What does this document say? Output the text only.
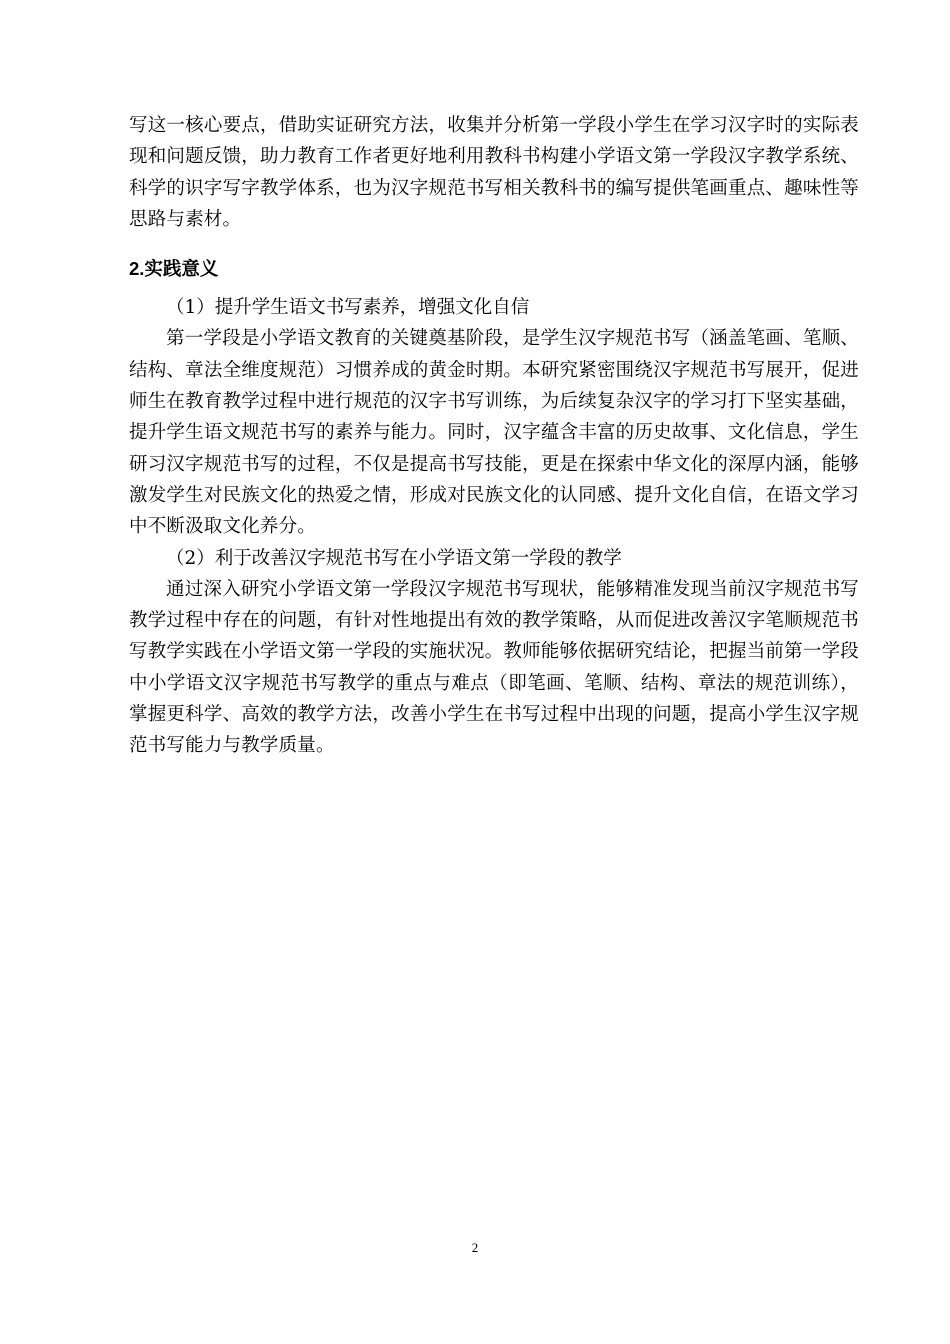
写这一核心要点，借助实证研究方法，收集并分析第一学段小学生在学习汉字时的实际表现和问题反馈，助力教育工作者更好地利用教科书构建小学语文第一学段汉字教学系统、科学的识字写字教学体系，也为汉字规范书写相关教科书的编写提供笔画重点、趣味性等思路与素材。

2.实践意义

（1）提升学生语文书写素养，增强文化自信

第一学段是小学语文教育的关键奠基阶段，是学生汉字规范书写（涵盖笔画、笔顺、结构、章法全维度规范）习惯养成的黄金时期。本研究紧密围绕汉字规范书写展开，促进师生在教育教学过程中进行规范的汉字书写训练，为后续复杂汉字的学习打下坚实基础，提升学生语文规范书写的素养与能力。同时，汉字蕴含丰富的历史故事、文化信息，学生研习汉字规范书写的过程，不仅是提高书写技能，更是在探索中华文化的深厚内涵，能够激发学生对民族文化的热爱之情，形成对民族文化的认同感、提升文化自信，在语文学习中不断汲取文化养分。

（2）利于改善汉字规范书写在小学语文第一学段的教学

通过深入研究小学语文第一学段汉字规范书写现状，能够精准发现当前汉字规范书写教学过程中存在的问题，有针对性地提出有效的教学策略，从而促进改善汉字笔顺规范书写教学实践在小学语文第一学段的实施状况。教师能够依据研究结论，把握当前第一学段中小学语文汉字规范书写教学的重点与难点（即笔画、笔顺、结构、章法的规范训练），掌握更科学、高效的教学方法，改善小学生在书写过程中出现的问题，提高小学生汉字规范书写能力与教学质量。

2
